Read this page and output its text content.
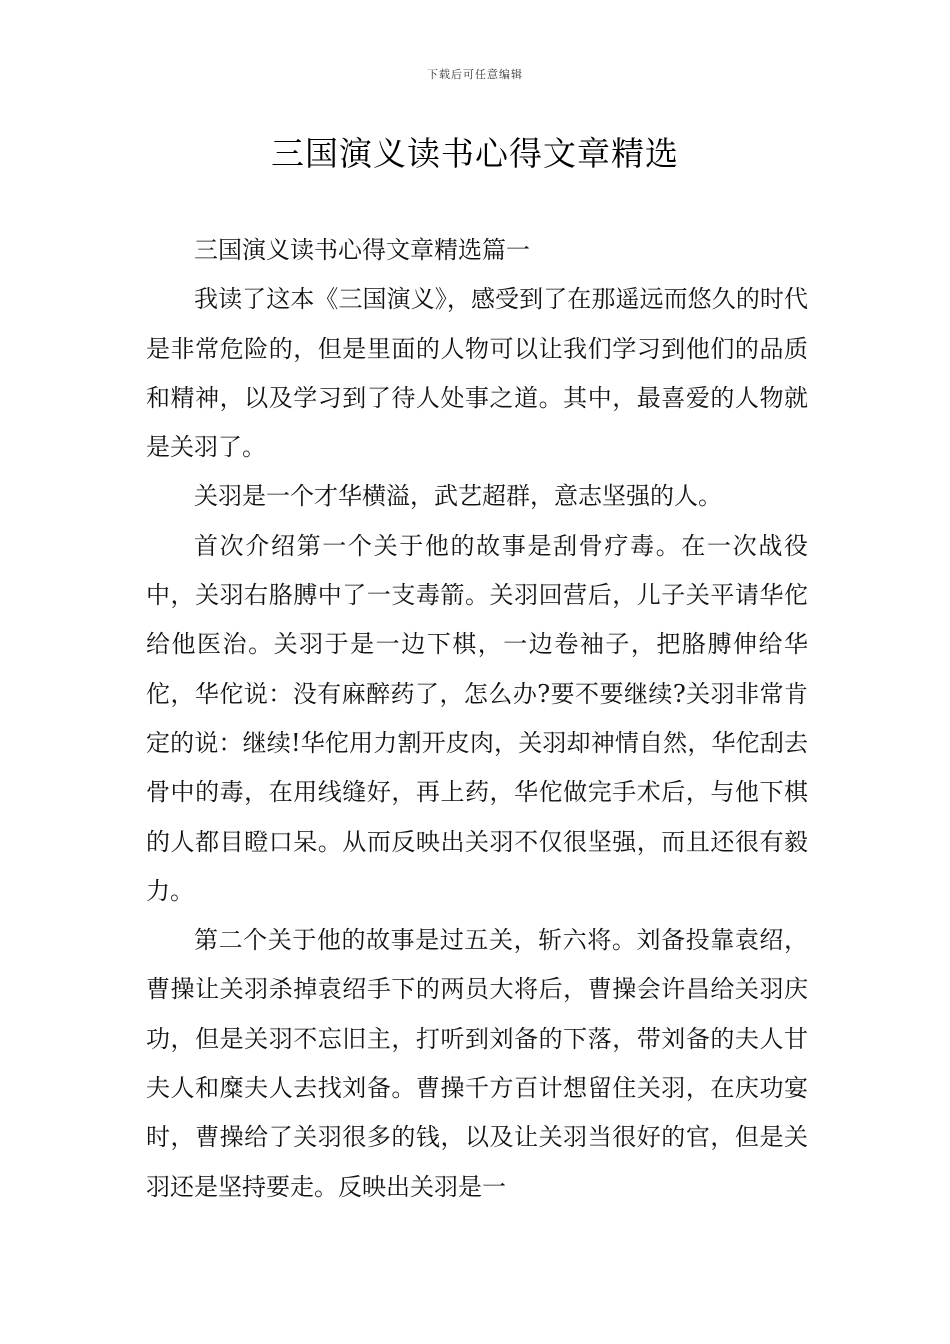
下载后可任意编辑
三国演义读书心得文章精选

三国演义读书心得文章精选篇一

我读了这本《三国演义》，感受到了在那遥远而悠久的时代是非常危险的，但是里面的人物可以让我们学习到他们的品质和精神，以及学习到了待人处事之道。其中，最喜爱的人物就是关羽了。

关羽是一个才华横溢，武艺超群，意志坚强的人。

首次介绍第一个关于他的故事是刮骨疗毒。在一次战役中，关羽右胳膊中了一支毒箭。关羽回营后，儿子关平请华佗给他医治。关羽于是一边下棋，一边卷袖子，把胳膊伸给华佗，华佗说：没有麻醉药了，怎么办?要不要继续?关羽非常肯定的说：继续!华佗用力割开皮肉，关羽却神情自然，华佗刮去骨中的毒，在用线缝好，再上药，华佗做完手术后，与他下棋的人都目瞪口呆。从而反映出关羽不仅很坚强，而且还很有毅力。

第二个关于他的故事是过五关，斩六将。刘备投靠袁绍，曹操让关羽杀掉袁绍手下的两员大将后，曹操会许昌给关羽庆功，但是关羽不忘旧主，打听到刘备的下落，带刘备的夫人甘夫人和糜夫人去找刘备。曹操千方百计想留住关羽，在庆功宴时，曹操给了关羽很多的钱，以及让关羽当很好的官，但是关羽还是坚持要走。反映出关羽是一
